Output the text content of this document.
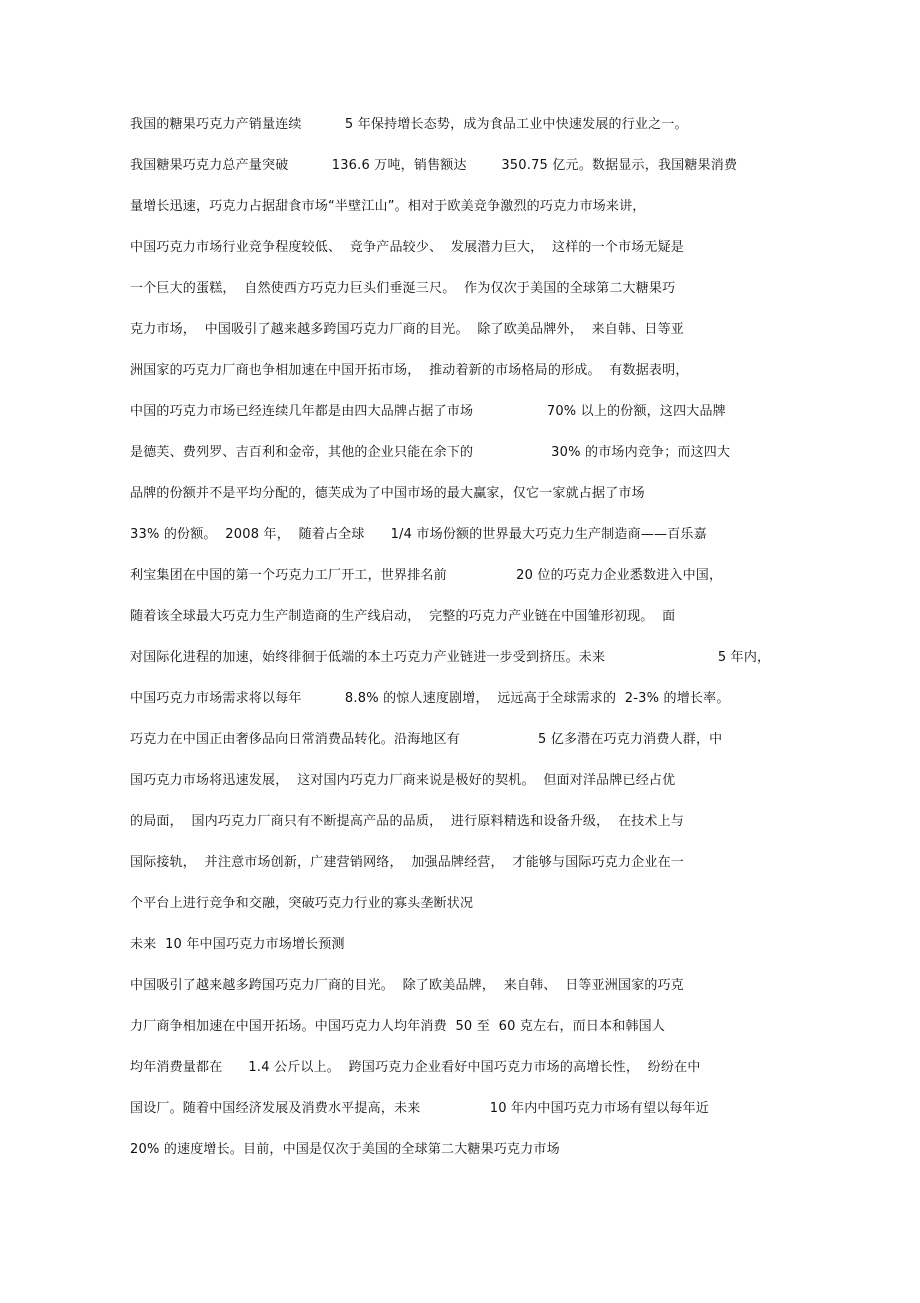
我国的糖果巧克力产销量连续          5 年保持增长态势，成为食品工业中快速发展的行业之一。
我国糖果巧克力总产量突破          136.6 万吨，销售额达        350.75 亿元。数据显示，我国糖果消费
量增长迅速，巧克力占据甜食市场“半壁江山”。相对于欧美竞争激烈的巧克力市场来讲，
中国巧克力市场行业竞争程度较低、  竞争产品较少、  发展潜力巨大，  这样的一个市场无疑是
一个巨大的蛋糕，  自然使西方巧克力巨头们垂涎三尺。  作为仅次于美国的全球第二大糖果巧
克力市场，  中国吸引了越来越多跨国巧克力厂商的目光。  除了欧美品牌外，  来自韩、日等亚
洲国家的巧克力厂商也争相加速在中国开拓市场，  推动着新的市场格局的形成。  有数据表明，
中国的巧克力市场已经连续几年都是由四大品牌占据了市场                 70% 以上的份额，这四大品牌
是德芙、费列罗、吉百利和金帝，其他的企业只能在余下的                  30% 的市场内竞争；而这四大
品牌的份额并不是平均分配的，德芙成为了中国市场的最大赢家，仅它一家就占据了市场
33% 的份额。  2008 年，  随着占全球      1/4 市场份额的世界最大巧克力生产制造商——百乐嘉
利宝集团在中国的第一个巧克力工厂开工，世界排名前                20 位的巧克力企业悉数进入中国，
随着该全球最大巧克力生产制造商的生产线启动，  完整的巧克力产业链在中国雏形初现。  面
对国际化进程的加速，始终徘徊于低端的本土巧克力产业链进一步受到挤压。未来                          5 年内，
中国巧克力市场需求将以每年          8.8% 的惊人速度剧增，  远远高于全球需求的  2-3% 的增长率。
巧克力在中国正由奢侈品向日常消费品转化。沿海地区有                  5 亿多潜在巧克力消费人群，中
国巧克力市场将迅速发展，  这对国内巧克力厂商来说是极好的契机。  但面对洋品牌已经占优
的局面，  国内巧克力厂商只有不断提高产品的品质，  进行原料精选和设备升级，  在技术上与
国际接轨，  并注意市场创新，广建营销网络，  加强品牌经营，  才能够与国际巧克力企业在一
个平台上进行竞争和交融，突破巧克力行业的寡头垄断状况
未来  10 年中国巧克力市场增长预测
中国吸引了越来越多跨国巧克力厂商的目光。  除了欧美品牌，  来自韩、  日等亚洲国家的巧克
力厂商争相加速在中国开拓场。中国巧克力人均年消费  50 至  60 克左右，而日本和韩国人
均年消费量都在      1.4 公斤以上。  跨国巧克力企业看好中国巧克力市场的高增长性，  纷纷在中
国设厂。随着中国经济发展及消费水平提高，未来                10 年内中国巧克力市场有望以每年近
20% 的速度增长。目前，中国是仅次于美国的全球第二大糖果巧克力市场
